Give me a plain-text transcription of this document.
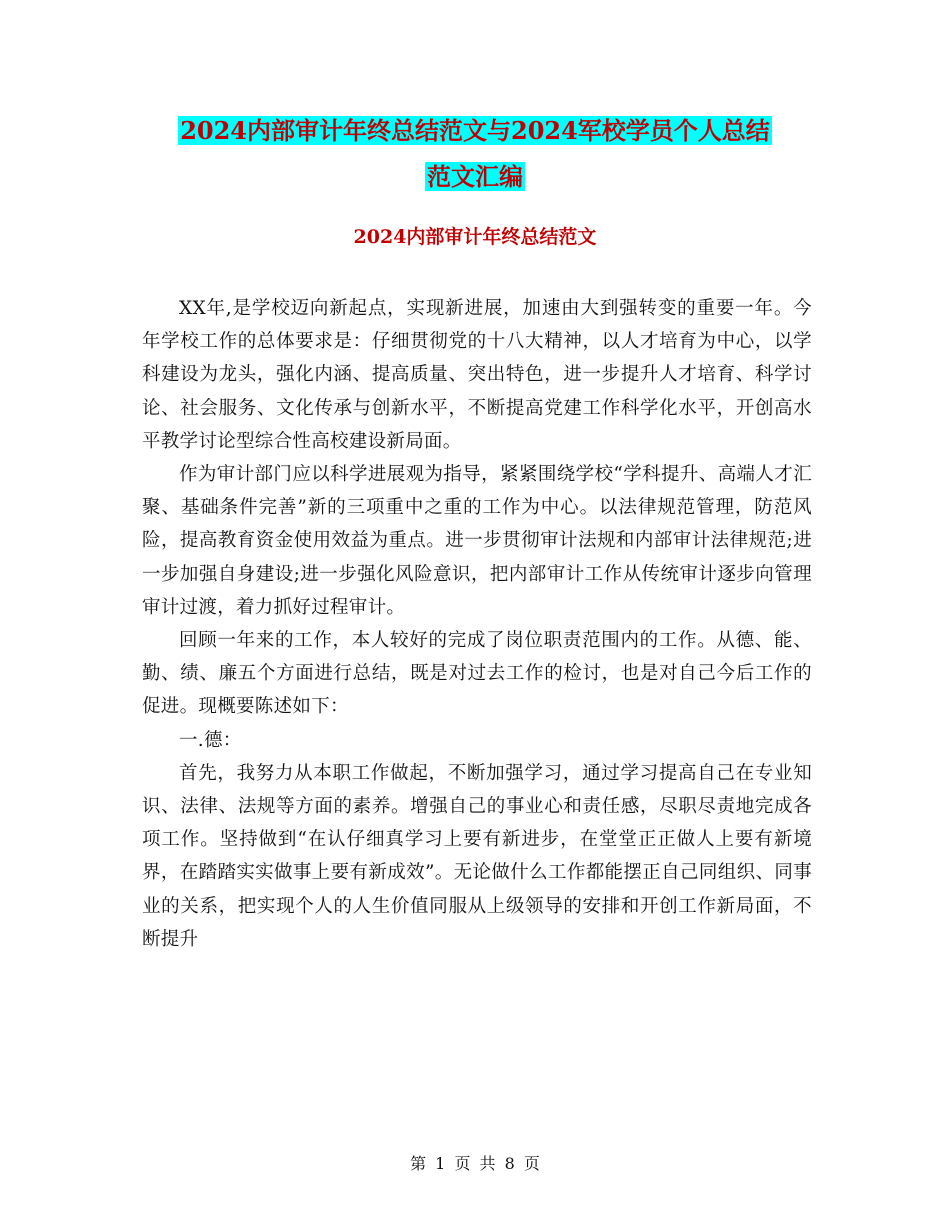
2024内部审计年终总结范文与2024军校学员个人总结
范文汇编
2024内部审计年终总结范文

XX年,是学校迈向新起点，实现新进展，加速由大到强转变的重要一年。今年学校工作的总体要求是：仔细贯彻党的十八大精神，以人才培育为中心，以学科建设为龙头，强化内涵、提高质量、突出特色，进一步提升人才培育、科学讨论、社会服务、文化传承与创新水平，不断提高党建工作科学化水平，开创高水平教学讨论型综合性高校建设新局面。

作为审计部门应以科学进展观为指导，紧紧围绕学校“学科提升、高端人才汇聚、基础条件完善”新的三项重中之重的工作为中心。以法律规范管理，防范风险，提高教育资金使用效益为重点。进一步贯彻审计法规和内部审计法律规范;进一步加强自身建设;进一步强化风险意识，把内部审计工作从传统审计逐步向管理审计过渡，着力抓好过程审计。

回顾一年来的工作，本人较好的完成了岗位职责范围内的工作。从德、能、勤、绩、廉五个方面进行总结，既是对过去工作的检讨，也是对自己今后工作的促进。现概要陈述如下：

一.德：

首先，我努力从本职工作做起，不断加强学习，通过学习提高自己在专业知识、法律、法规等方面的素养。增强自己的事业心和责任感，尽职尽责地完成各项工作。坚持做到“在认仔细真学习上要有新进步，在堂堂正正做人上要有新境界，在踏踏实实做事上要有新成效”。无论做什么工作都能摆正自己同组织、同事业的关系，把实现个人的人生价值同服从上级领导的安排和开创工作新局面，不断提升

第 1 页 共 8 页
